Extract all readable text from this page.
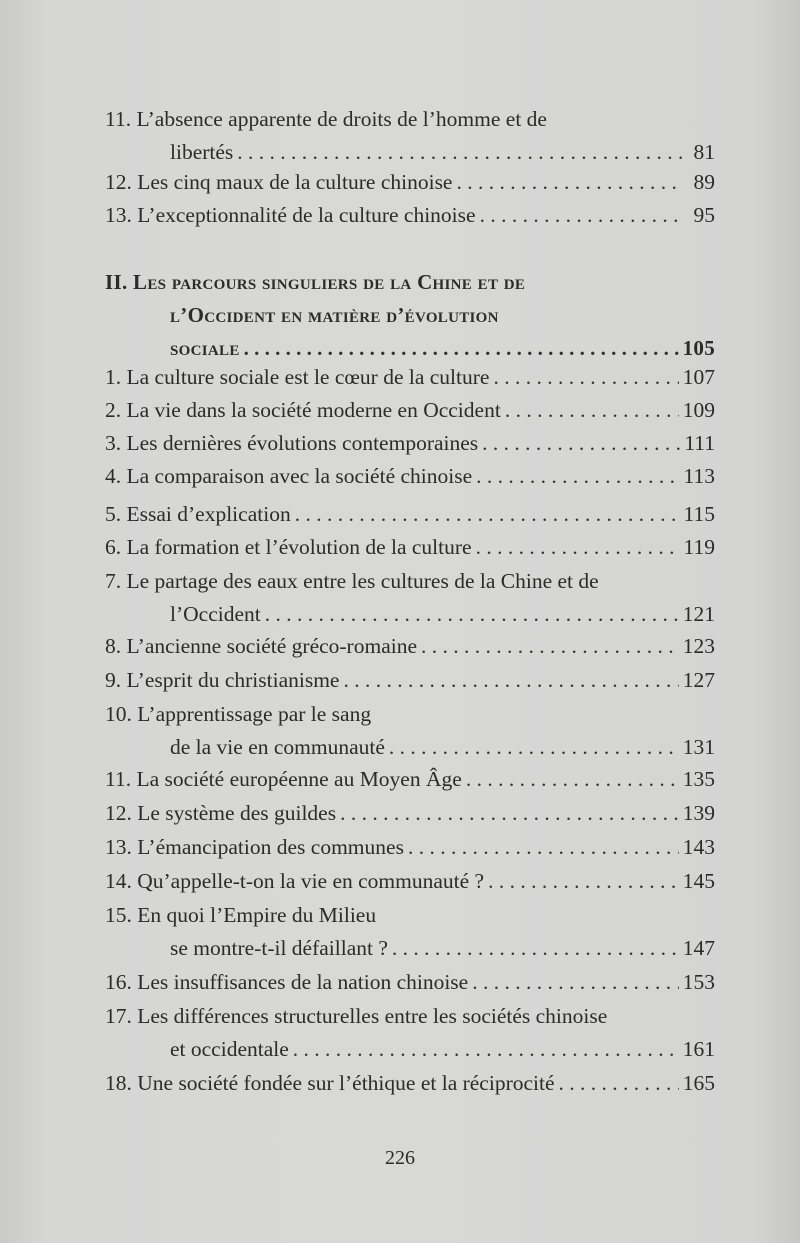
11. L’absence apparente de droits de l’homme et de
libertés . . .	81
12. Les cinq maux de la culture chinoise . . .	89
13. L’exceptionnalité de la culture chinoise . . .	95
II. Les parcours singuliers de la Chine et de
l’Occident en matière d’évolution
sociale . . .	105
1. La culture sociale est le cœur de la culture . . .	107
2. La vie dans la société moderne en Occident . . .	109
3. Les dernières évolutions contemporaines . . .	111
4. La comparaison avec la société chinoise . . .	113
5. Essai d’explication . . .	115
6. La formation et l’évolution de la culture . . .	119
7. Le partage des eaux entre les cultures de la Chine et de
l’Occident . . .	121
8. L’ancienne société gréco-romaine . . .	123
9. L’esprit du christianisme . . .	127
10. L’apprentissage par le sang
de la vie en communauté . . .	131
11. La société européenne au Moyen Âge . . .	135
12. Le système des guildes . . .	139
13. L’émancipation des communes . . .	143
14. Qu’appelle-t-on la vie en communauté ? . . .	145
15. En quoi l’Empire du Milieu
se montre-t-il défaillant ? . . .	147
16. Les insuffisances de la nation chinoise . . .	153
17. Les différences structurelles entre les sociétés chinoise
et occidentale . . .	161
18. Une société fondée sur l’éthique et la réciprocité . . .	165
226
